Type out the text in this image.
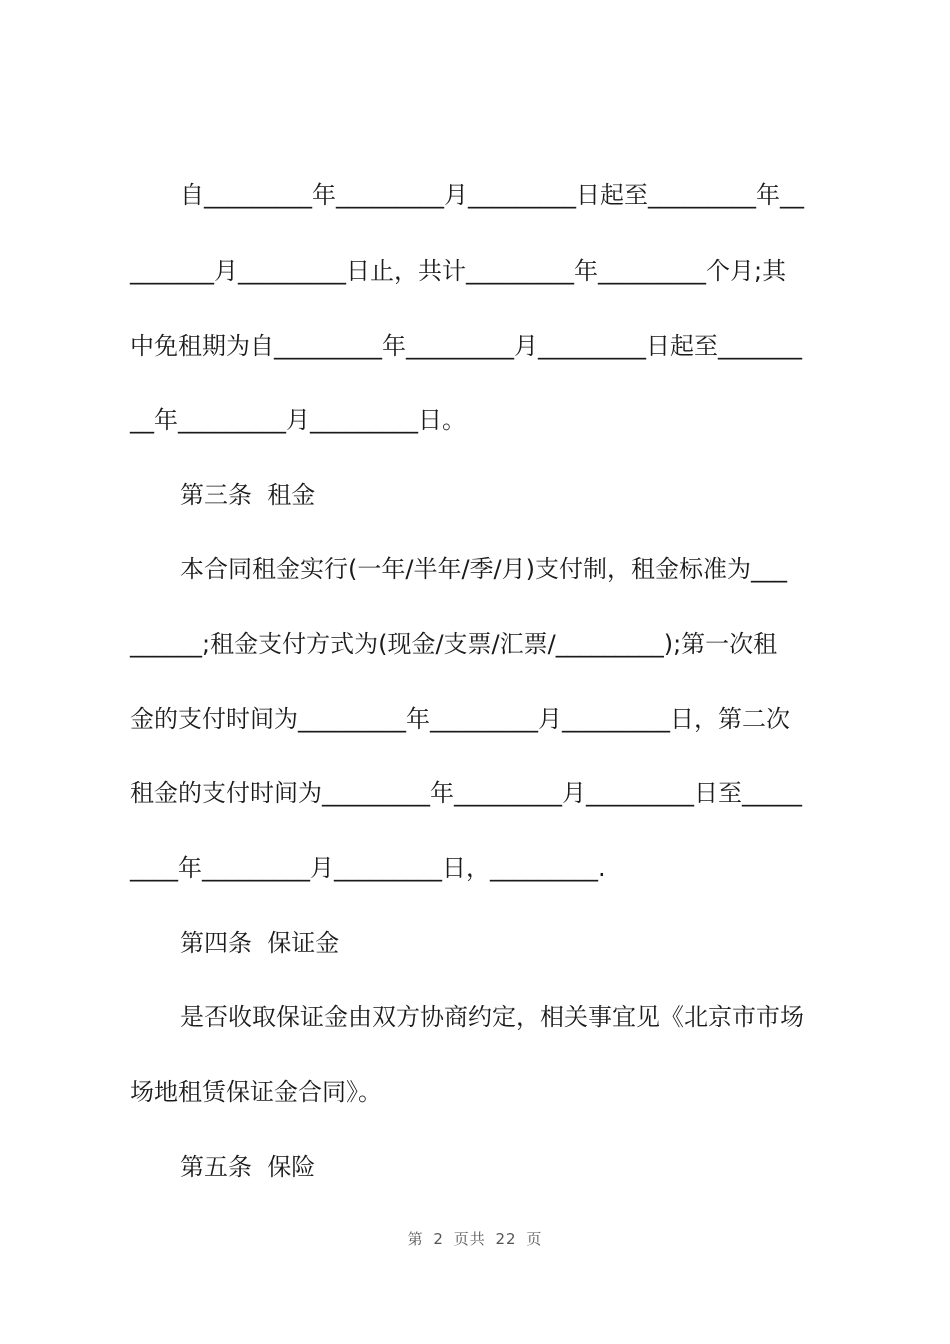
自_________年_________月_________日起至_________年__
_______月_________日止，共计_________年_________个月;其
中免租期为自_________年_________月_________日起至_______
__年_________月_________日。
第三条  租金
本合同租金实行(一年/半年/季/月)支付制，租金标准为___
______;租金支付方式为(现金/支票/汇票/_________);第一次租
金的支付时间为_________年_________月_________日，第二次
租金的支付时间为_________年_________月_________日至_____
____年_________月_________日，_________.
第四条  保证金
是否收取保证金由双方协商约定，相关事宜见《北京市市场
场地租赁保证金合同》。
第五条  保险
第 2 页共 22 页
